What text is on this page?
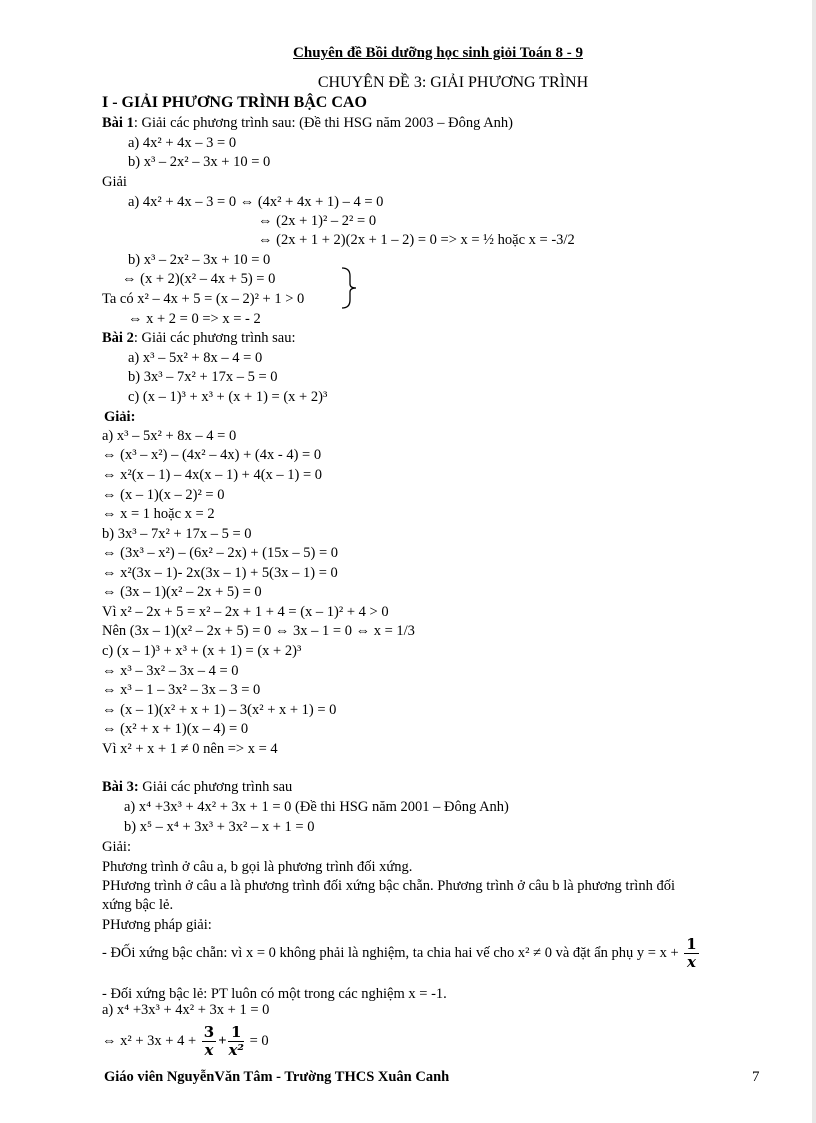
Chuyên đề Bồi dưỡng học sinh giỏi Toán 8 - 9
CHUYÊN ĐỀ 3: GIẢI PHƯƠNG TRÌNH
I - GIẢI PHƯƠNG TRÌNH BẬC CAO
Bài 1: Giải các phương trình sau: (Đề thi HSG năm 2003 – Đông Anh)
a) 4x² + 4x – 3 = 0
b) x³ – 2x² – 3x + 10 = 0
Giải
a) 4x² + 4x – 3 = 0 ⇔ (4x² + 4x + 1) – 4 = 0
⇔ (2x + 1)² – 2² = 0
⇔ (2x + 1 + 2)(2x + 1 – 2) = 0 => x = ½ hoặc x = -3/2
b) x³ – 2x² – 3x + 10 = 0
⇔ (x + 2)(x² – 4x + 5) = 0
Ta có x² – 4x + 5 = (x – 2)² + 1 > 0
⇔ x + 2 = 0 => x = - 2
Bài 2: Giải các phương trình sau:
a) x³ – 5x² + 8x – 4 = 0
b) 3x³ – 7x² + 17x – 5 = 0
c) (x – 1)³ + x³ + (x + 1) = (x + 2)³
Giải:
a) x³ – 5x² + 8x – 4 = 0
⇔ (x³ – x²) – (4x² – 4x) + (4x - 4) = 0
⇔ x²(x – 1) – 4x(x – 1) + 4(x – 1) = 0
⇔ (x – 1)(x – 2)² = 0
⇔ x = 1 hoặc x = 2
b) 3x³ – 7x² + 17x – 5 = 0
⇔ (3x³ – x²) – (6x² – 2x) + (15x – 5) = 0
⇔ x²(3x – 1)- 2x(3x – 1) + 5(3x – 1) = 0
⇔ (3x – 1)(x² – 2x + 5) = 0
Vì x² – 2x + 5 = x² – 2x + 1 + 4 = (x – 1)² + 4 > 0
Nên (3x – 1)(x² – 2x + 5) = 0 ⇔ 3x – 1 = 0 ⇔ x = 1/3
c) (x – 1)³ + x³ + (x + 1) = (x + 2)³
⇔ x³ – 3x² – 3x – 4 = 0
⇔ x³ – 1 – 3x² – 3x – 3 = 0
⇔ (x – 1)(x² + x + 1) – 3(x² + x + 1) = 0
⇔ (x² + x + 1)(x – 4) = 0
Vì x² + x + 1 ≠ 0 nên => x = 4
Bài 3: Giải các phương trình sau
a) x⁴ +3x³ + 4x² + 3x + 1 = 0 (Đề thi HSG năm 2001 – Đông Anh)
b) x⁵ – x⁴ + 3x³ + 3x² – x + 1 = 0
Giải:
Phương trình ở câu a, b gọi là phương trình đối xứng.
PHương trình ở câu a là phương trình đối xứng bậc chẵn. Phương trình ở câu b là phương trình đối
xứng bậc lẻ.
PHương pháp giải:
- Đối xứng bậc lẻ: PT luôn có một trong các nghiệm x = -1.
a) x⁴ +3x³ + 4x² + 3x + 1 = 0
- ĐỐi xứng bậc chẵn: vì x = 0 không phải là nghiệm, ta chia hai vế cho x² ≠ 0 và đặt ẩn phụ $y = x + \frac{1}{x}$
⇔ $x^2 + 3x + 4 + \frac{3}{x} + \frac{1}{\text{x²}} = 0$
Giáo viên NguyễnVăn Tâm - Trường THCS Xuân Canh	7
